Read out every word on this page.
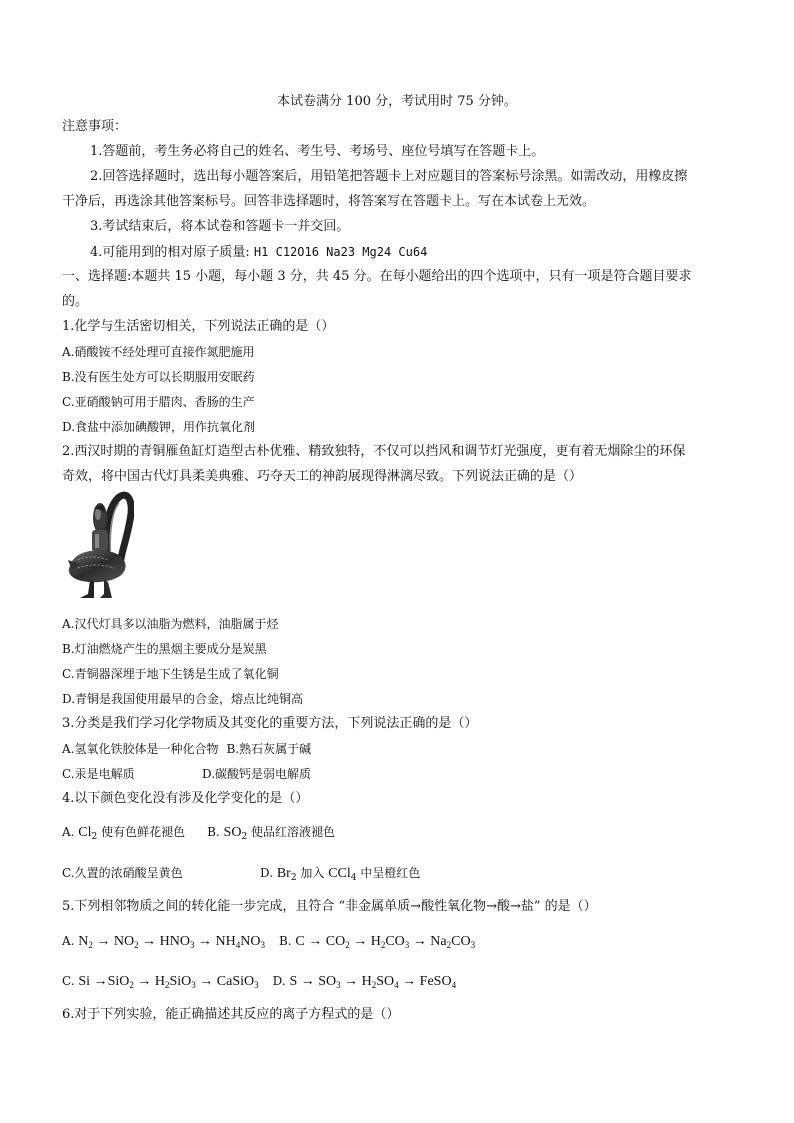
本试卷满分 100 分，考试用时 75 分钟。
注意事项：
1.答题前，考生务必将自己的姓名、考生号、考场号、座位号填写在答题卡上。
2.回答选择题时，选出每小题答案后，用铅笔把答题卡上对应题目的答案标号涂黑。如需改动，用橡皮擦
干净后，再选涂其他答案标号。回答非选择题时，将答案写在答题卡上。写在本试卷上无效。
3.考试结束后，将本试卷和答题卡一并交回。
4.可能用到的相对原子质量: H1 C12O16 Na23 Mg24 Cu64
一、选择题:本题共 15 小题，每小题 3 分，共 45 分。在每小题给出的四个选项中，只有一项是符合题目要求
的。
1.化学与生活密切相关，下列说法正确的是（）
A.硝酸铵不经处理可直接作氮肥施用
B.没有医生处方可以长期服用安眠药
C.亚硝酸钠可用于腊肉、香肠的生产
D.食盐中添加碘酸钾，用作抗氧化剂
2.西汉时期的青铜雁鱼缸灯造型古朴优雅、精致独特，不仅可以挡风和调节灯光强度，更有着无烟除尘的环保
奇效，将中国古代灯具柔美典雅、巧夺天工的神韵展现得淋漓尽致。下列说法正确的是（）
A.汉代灯具多以油脂为燃料，油脂属于烃
B.灯油燃烧产生的黑烟主要成分是炭黑
C.青铜器深埋于地下生锈是生成了氧化铜
D.青铜是我国使用最早的合金，熔点比纯铜高
3.分类是我们学习化学物质及其变化的重要方法，下列说法正确的是（）
A.氢氧化铁胶体是一种化合物 B.熟石灰属于碱
C.汞是电解质	D.碳酸钙是弱电解质
4.以下颜色变化没有涉及化学变化的是（）
A. $Cl_2$ 使有色鲜花褪色 B. $SO_2$ 使品红溶液褪色
C.久置的浓硝酸呈黄色	D. $Br_2$ 加入 CCl$_4$ 中呈橙红色
5.下列相邻物质之间的转化能一步完成，且符合 “非金属单质→酸性氧化物→酸→盐” 的是（）
A. $N_2 \to NO_2 \to HNO_3 \to NH_4NO_3$ B. $C \to CO_2 \to H_2CO_3 \to Na_2CO_3$
C. $Si \to SiO_2 \to H_2SiO_3$ → CaSiO$_3$ D. $S \to SO_3 \to H_2SO_4$ → FeSO$_4$
6.对于下列实验，能正确描述其反应的离子方程式的是（）
